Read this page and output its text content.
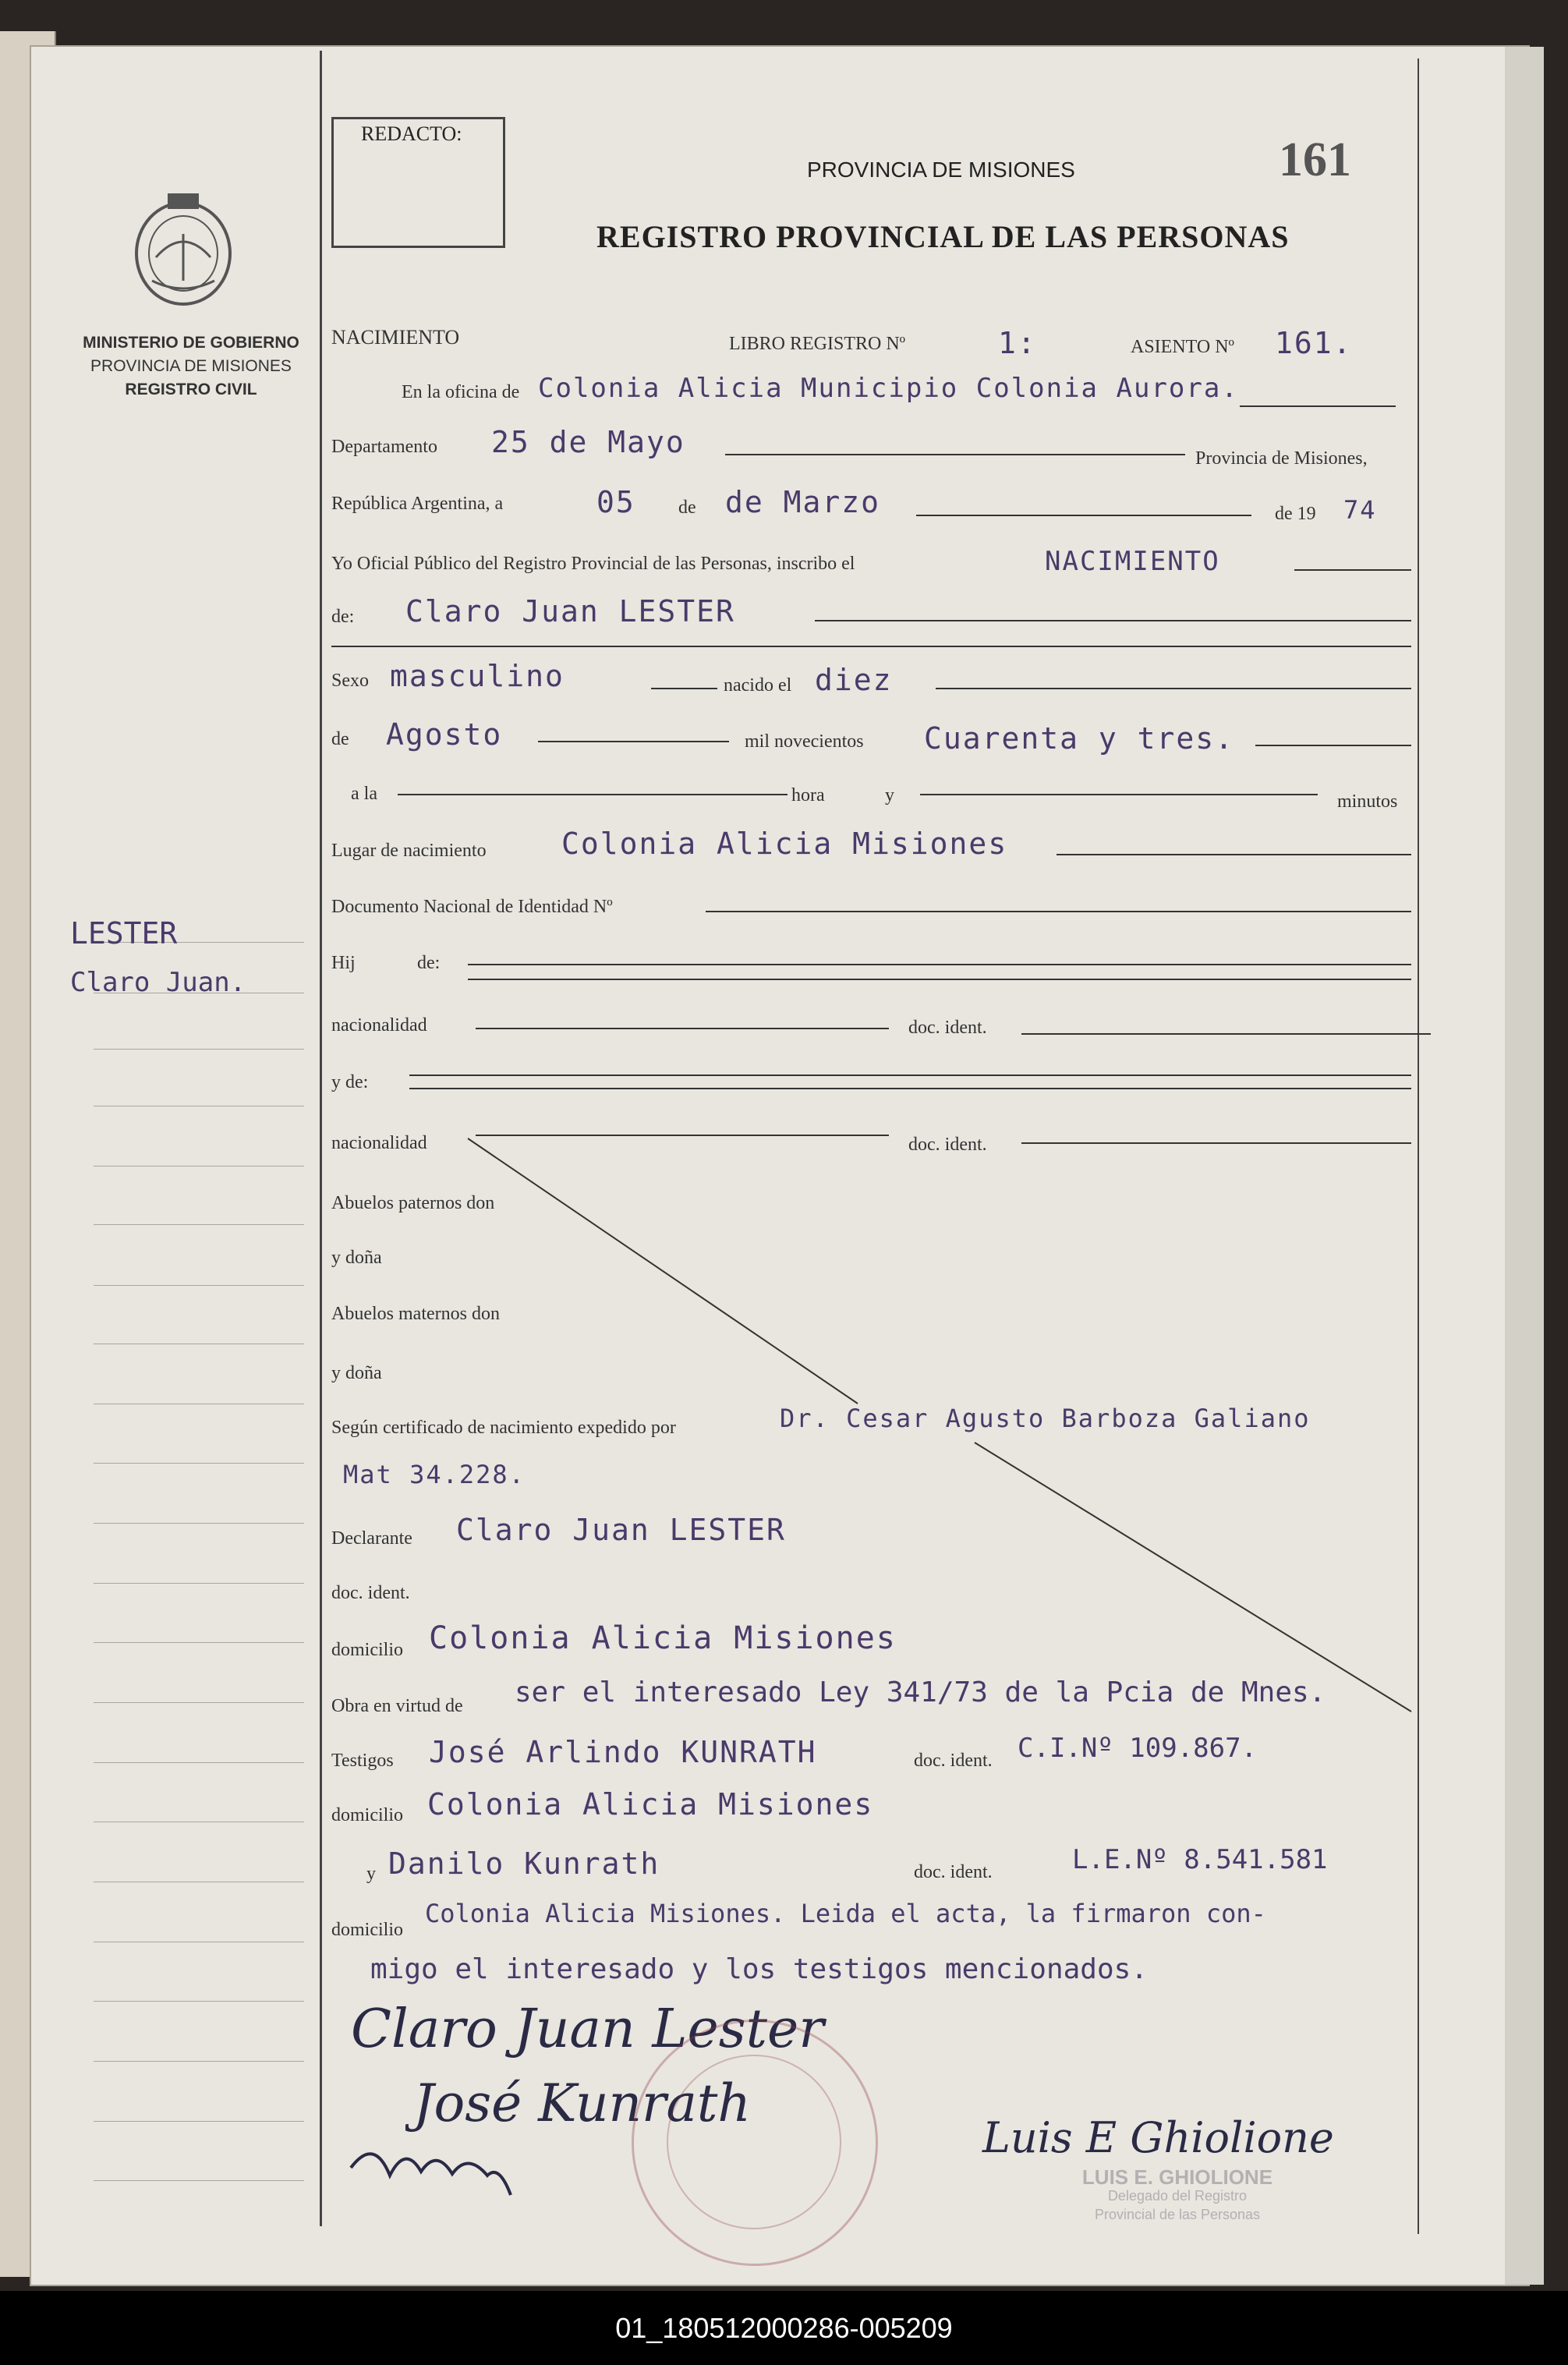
MINISTERIO DE GOBIERNO
PROVINCIA DE MISIONES
REGISTRO CIVIL
LESTER
Claro Juan.
REDACTO:
PROVINCIA DE MISIONES
REGISTRO PROVINCIAL DE LAS PERSONAS
161
NACIMIENTO	LIBRO REGISTRO Nº	1:	ASIENTO Nº 161.
En la oficina de Colonia Alicia Municipio Colonia Aurora.
Departamento 25 de Mayo	Provincia de Misiones,
República Argentina, a	05 de de Marzo	de 19 74
Yo Oficial Público del Registro Provincial de las Personas, inscribo el	NACIMIENTO
de: Claro Juan LESTER
Sexo masculino	nacido el diez
de Agosto	mil novecientos Cuarenta y tres.
a la	hora	y	minutos
Lugar de nacimiento	Colonia Alicia Misiones
Documento Nacional de Identidad Nº
Hij	de:
nacionalidad	doc. ident.
y de:
nacionalidad	doc. ident.
Abuelos paternos don
y doña
Abuelos maternos don
y doña
Según certificado de nacimiento expedido por	Dr. Cesar Agusto Barboza Galiano
Mat 34.228.
Declarante Claro Juan LESTER
doc. ident.
domicilio Colonia Alicia Misiones
Obra en virtud de ser el interesado Ley 341/73 de la Pcia de Mnes.
Testigos José Arlindo KUNRATH	doc. ident. C.I.Nº 109.867.
domicilio Colonia Alicia Misiones
y Danilo Kunrath	doc. ident.	L.E.Nº 8.541.581
domicilio
Colonia Alicia Misiones. Leida el acta, la firmaron con-
migo el interesado y los testigos mencionados.
Claro Juan Lester
José Kunrath
Luis E Ghiolione
LUIS E. GHIOLIONE
Delegado del Registro
Provincial de las Personas
01_180512000286-005209
